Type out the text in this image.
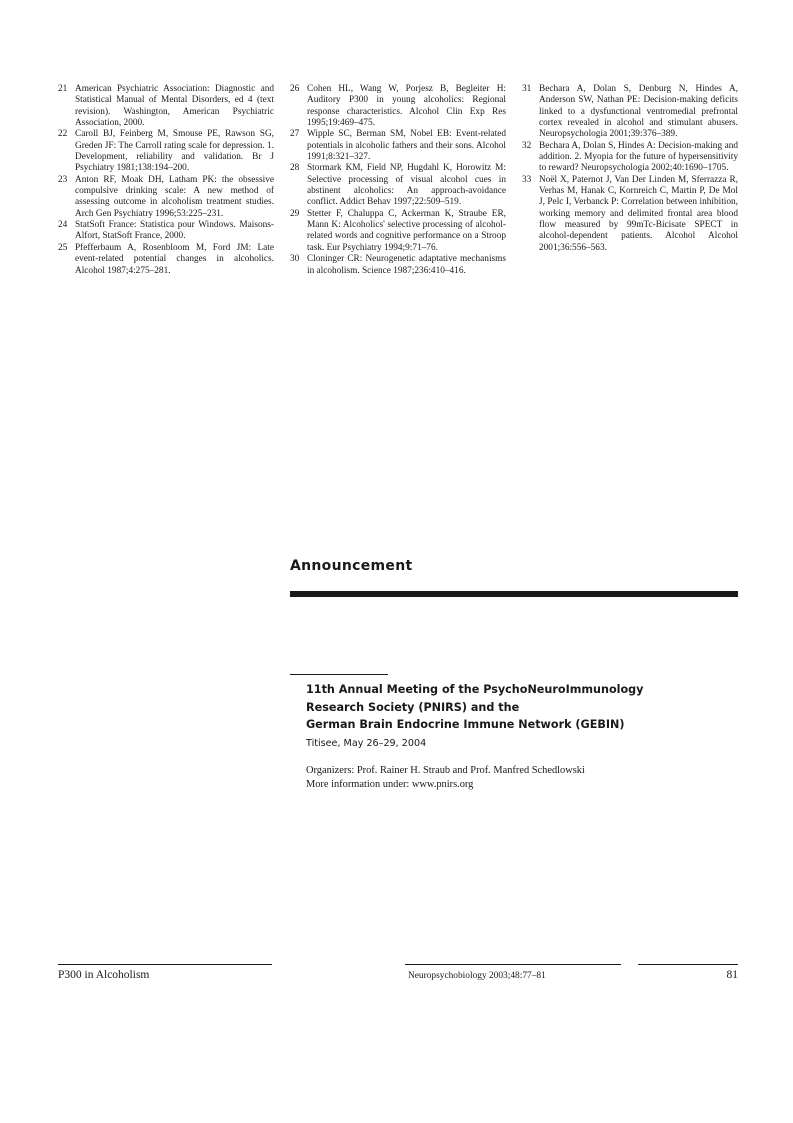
21 American Psychiatric Association: Diagnostic and Statistical Manual of Mental Disorders, ed 4 (text revision). Washington, American Psychiatric Association, 2000.
22 Caroll BJ, Feinberg M, Smouse PE, Rawson SG, Greden JF: The Carroll rating scale for depression. 1. Development, reliability and validation. Br J Psychiatry 1981;138:194–200.
23 Anton RF, Moak DH, Latham PK: the obsessive compulsive drinking scale: A new method of assessing outcome in alcoholism treatment studies. Arch Gen Psychiatry 1996;53:225–231.
24 StatSoft France: Statistica pour Windows. Maisons-Alfort, StatSoft France, 2000.
25 Pfefferbaum A, Rosenbloom M, Ford JM: Late event-related potential changes in alcoholics. Alcohol 1987;4:275–281.
26 Cohen HL, Wang W, Porjesz B, Begleiter H: Auditory P300 in young alcoholics: Regional response characteristics. Alcohol Clin Exp Res 1995;19:469–475.
27 Wipple SC, Berman SM, Nobel EB: Event-related potentials in alcoholic fathers and their sons. Alcohol 1991;8:321–327.
28 Stormark KM, Field NP, Hugdahl K, Horowitz M: Selective processing of visual alcohol cues in abstinent alcoholics: An approach-avoidance conflict. Addict Behav 1997;22:509–519.
29 Stetter F, Chaluppa C, Ackerman K, Straube ER, Mann K: Alcoholics' selective processing of alcohol-related words and cognitive performance on a Stroop task. Eur Psychiatry 1994;9:71–76.
30 Cloninger CR: Neurogenetic adaptative mechanisms in alcoholism. Science 1987;236:410–416.
31 Bechara A, Dolan S, Denburg N, Hindes A, Anderson SW, Nathan PE: Decision-making deficits linked to a dysfunctional ventromedial prefrontal cortex revealed in alcohol and stimulant abusers. Neuropsychologia 2001;39:376–389.
32 Bechara A, Dolan S, Hindes A: Decision-making and addition. 2. Myopia for the future of hypersensitivity to reward? Neuropsychologia 2002;40:1690–1705.
33 Noël X, Paternot J, Van Der Linden M, Sferrazza R, Verhas M, Hanak C, Kornreich C, Martin P, De Mol J, Pelc I, Verbanck P: Correlation between inhibition, working memory and delimited frontal area blood flow measured by 99mTc-Bicisate SPECT in alcohol-dependent patients. Alcohol Alcohol 2001;36:556–563.
Announcement
11th Annual Meeting of the PsychoNeuroImmunology
Research Society (PNIRS) and the
German Brain Endocrine Immune Network (GEBIN)
Titisee, May 26–29, 2004
Organizers: Prof. Rainer H. Straub and Prof. Manfred Schedlowski
More information under: www.pnirs.org
P300 in Alcoholism	Neuropsychobiology 2003;48:77–81	81
